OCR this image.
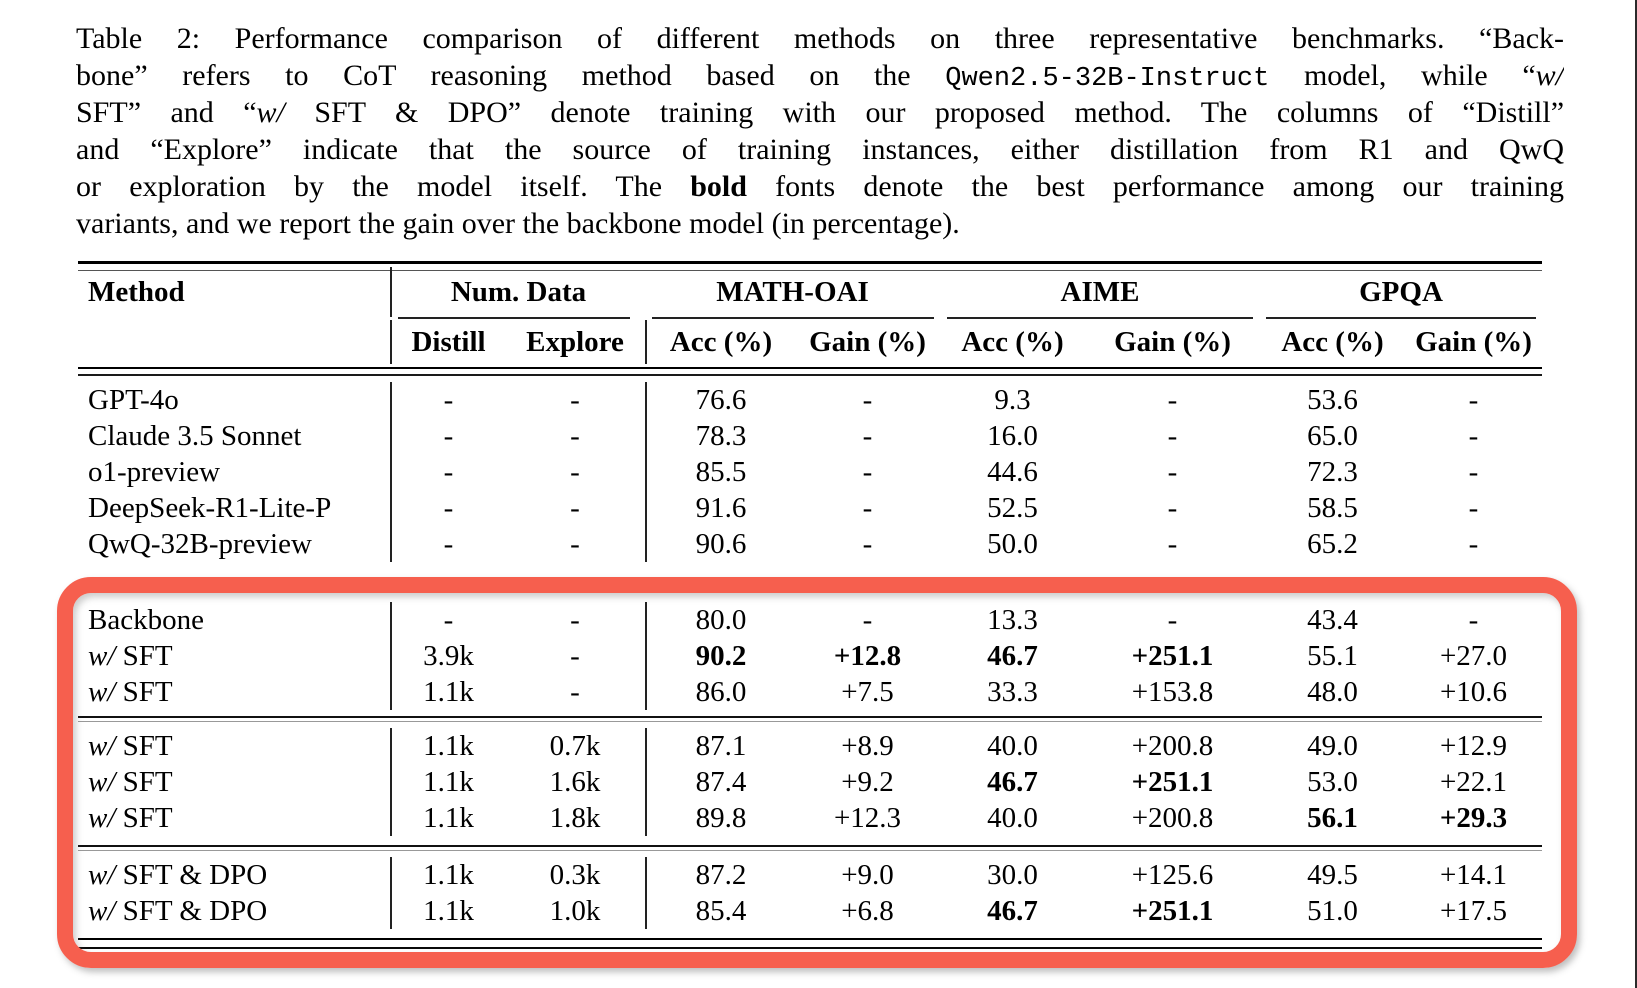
Table 2: Performance comparison of different methods on three representative benchmarks. “Back-
bone” refers to CoT reasoning method based on the Qwen2.5-32B-Instruct model, while “w/
SFT” and “w/ SFT & DPO” denote training with our proposed method. The columns of “Distill”
and “Explore” indicate that the source of training instances, either distillation from R1 and QwQ
or exploration by the model itself. The bold fonts denote the best performance among our training
variants, and we report the gain over the backbone model (in percentage).
Method	Num. Data	MATH-OAI	AIME	GPQA
Distill	Explore	Acc (%)	Gain (%)	Acc (%)	Gain (%)	Acc (%)	Gain (%)
GPT-4o	-	-	76.6	-	9.3	-	53.6	-
Claude 3.5 Sonnet	-	-	78.3	-	16.0	-	65.0	-
o1-preview	-	-	85.5	-	44.6	-	72.3	-
DeepSeek-R1-Lite-P	-	-	91.6	-	52.5	-	58.5	-
QwQ-32B-preview	-	-	90.6	-	50.0	-	65.2	-
Backbone	-	-	80.0	-	13.3	-	43.4	-
w/ SFT	3.9k	-	90.2	+12.8	46.7	+251.1	55.1	+27.0
w/ SFT	1.1k	-	86.0	+7.5	33.3	+153.8	48.0	+10.6
w/ SFT	1.1k	0.7k	87.1	+8.9	40.0	+200.8	49.0	+12.9
w/ SFT	1.1k	1.6k	87.4	+9.2	46.7	+251.1	53.0	+22.1
w/ SFT	1.1k	1.8k	89.8	+12.3	40.0	+200.8	56.1	+29.3
w/ SFT & DPO	1.1k	0.3k	87.2	+9.0	30.0	+125.6	49.5	+14.1
w/ SFT & DPO	1.1k	1.0k	85.4	+6.8	46.7	+251.1	51.0	+17.5
